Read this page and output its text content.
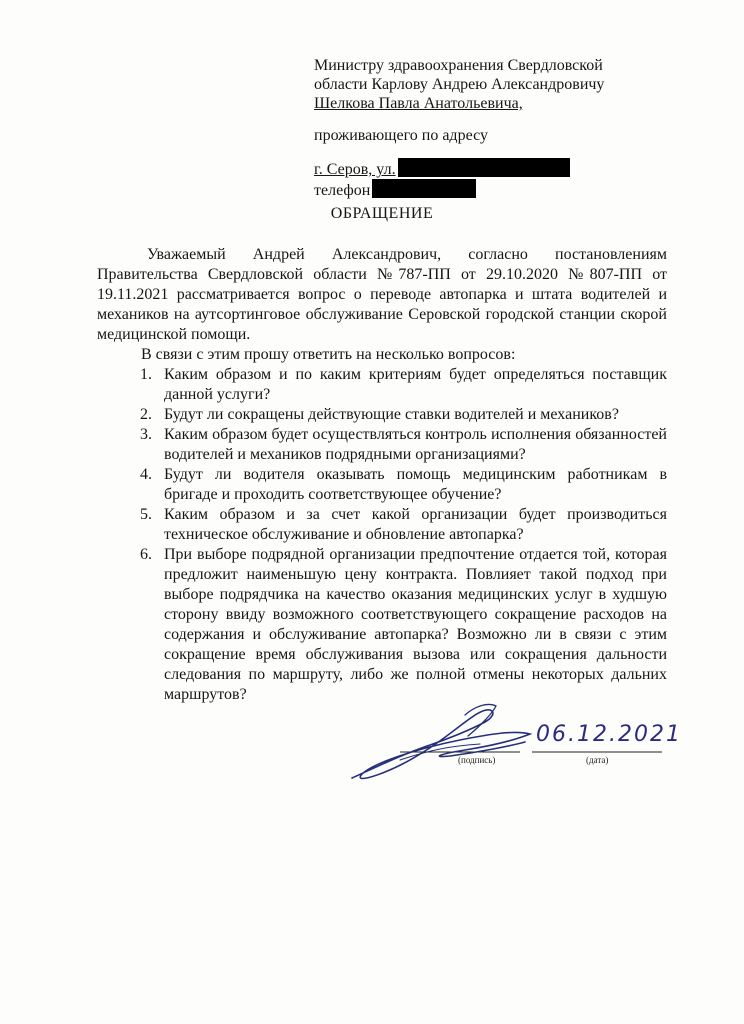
Министру здравоохранения Свердловской
области Карлову Андрею Александровичу
Шелкова Павла Анатольевича,
проживающего по адресу
г. Серов, ул.
телефон
ОБРАЩЕНИЕ

Уважаемый Андрей Александрович, согласно постановлениям Правительства Свердловской области №787-ПП от 29.10.2020 №807-ПП от 19.11.2021 рассматривается вопрос о переводе автопарка и штата водителей и механиков на аутсортинговое обслуживание Серовской городской станции скорой медицинской помощи.

В связи с этим прошу ответить на несколько вопросов:

1. Каким образом и по каким критериям будет определяться поставщик данной услуги?
2. Будут ли сокращены действующие ставки водителей и механиков?
3. Каким образом будет осуществляться контроль исполнения обязанностей водителей и механиков подрядными организациями?
4. Будут ли водителя оказывать помощь медицинским работникам в бригаде и проходить соответствующее обучение?
5. Каким образом и за счет какой организации будет производиться техническое обслуживание и обновление автопарка?
6. При выборе подрядной организации предпочтение отдается той, которая предложит наименьшую цену контракта. Повлияет такой подход при выборе подрядчика на качество оказания медицинских услуг в худшую сторону ввиду возможного соответствующего сокращение расходов на содержания и обслуживание автопарка? Возможно ли в связи с этим сокращение время обслуживания вызова или сокращения дальности следования по маршруту, либо же полной отмены некоторых дальних маршрутов?
(подпись)	(дата)
06.12.2021
